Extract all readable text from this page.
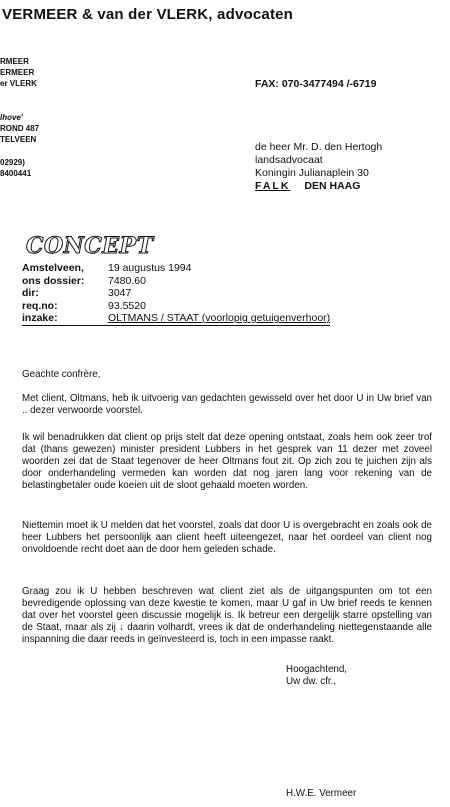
VERMEER & van der VLERK, advocaten
RMEER
ERMEER
er VLERK
lhove'
ROND 487
TELVEEN
02929)
8400441
FAX: 070-3477494 /-6719
de heer Mr. D. den Hertogh
landsadvocaat
Koningin Julianaplein 30
FALK DEN HAAG
CONCEPT
Amstelveen,	19 augustus 1994
ons dossier:	7480.60
dir:	3047
req.no:	93.5520
inzake:	OLTMANS / STAAT (voorlopig getuigenverhoor)
Geachte confrère,
Met client, Oltmans, heb ik uitvoerig van gedachten gewisseld over het door U in Uw brief van .. dezer verwoorde voorstel.
Ik wil benadrukken dat client op prijs stelt dat deze opening ontstaat, zoals hem ook zeer trof dat (thans gewezen) minister president Lubbers in het gesprek van 11 dezer met zoveel woorden zei dat de Staat tegenover de heer Oltmans fout zit. Op zich zou te juichen zijn als door onderhandeling vermeden kan worden dat nog jaren lang voor rekening van de belastingbetaler oude koeien uit de sloot gehaald moeten worden.
Niettemin moet ik U melden dat het voorstel, zoals dat door U is overgebracht en zoals ook de heer Lubbers het persoonlijk aan client heeft uiteengezet, naar het oordeel van client nog onvoldoende recht doet aan de door hem geleden schade.
Graag zou ik U hebben beschreven wat client ziet als de uitgangspunten om tot een bevredigende oplossing van deze kwestie te komen, maar U gaf in Uw brief reeds te kennen dat over het voorstel geen discussie mogelijk is. Ik betreur een dergelijk starre opstelling van de Staat, maar als zij ↓ daarin volhardt, vrees ik dat de onderhandeling niettegenstaande alle inspanning die daar reeds in geïnvesteerd is, toch in een impasse raakt.
Hoogachtend,
Uw dw. cfr.,
H.W.E. Vermeer
